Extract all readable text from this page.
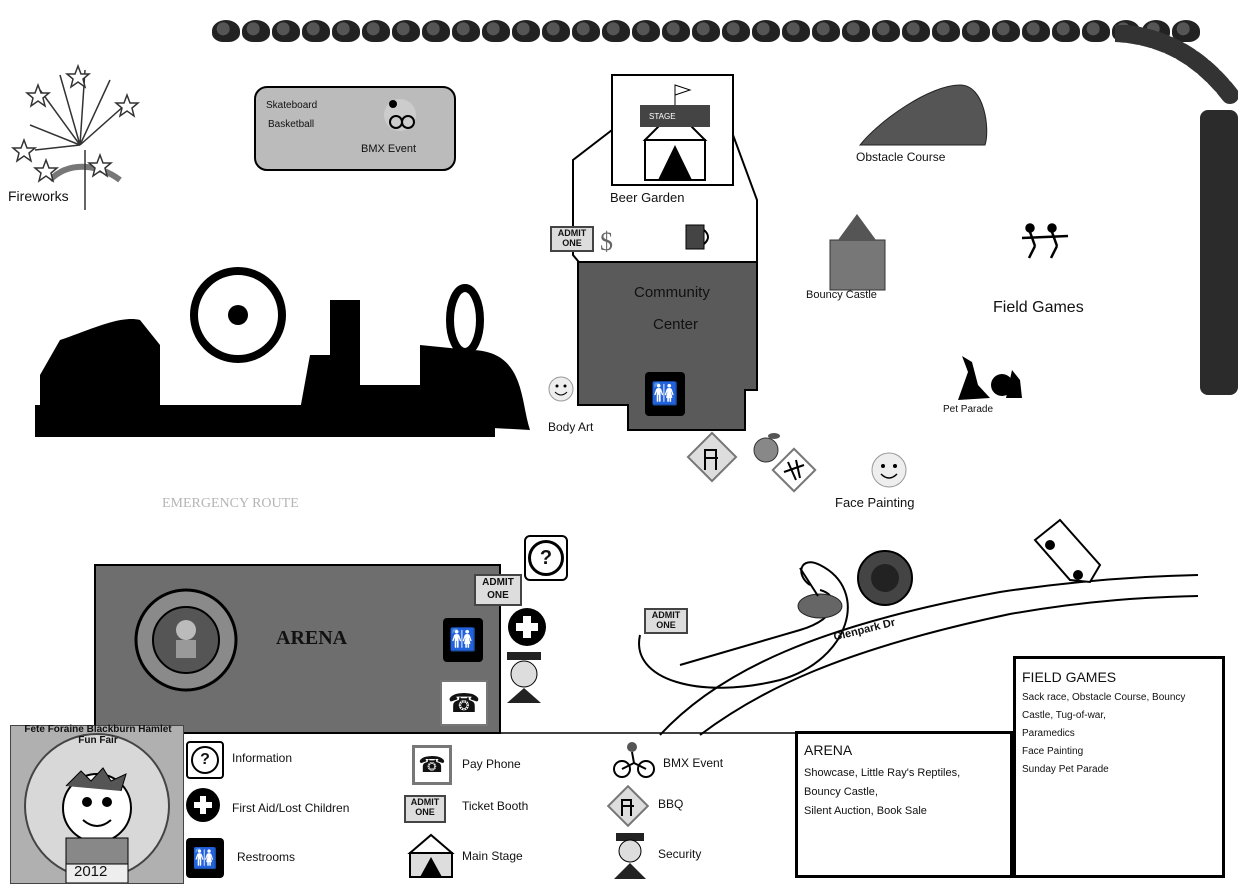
$
Fireworks
Skateboard
Basketball
BMX Event
STAGE
Beer Garden
Obstacle Course
Bouncy Castle
Field Games
Pet Parade
Body Art
Face Painting
Community
Center
EMERGENCY ROUTE
ARENA	Glenpark Dr
ADMIT
ONE
ADMIT
ONE
ADMIT
ONE
?
🚻
🚻
☎
Fete Foraine Blackburn Hamlet Fun Fair
2012
?	Information
First Aid/Lost Children
🚻	Restrooms
☎	Pay Phone
ADMIT
ONE	Ticket Booth
Main Stage
BMX Event
BBQ
Security
ARENA

Showcase, Little Ray's Reptiles,

Bouncy Castle,

Silent Auction, Book Sale

FIELD GAMES

Sack race, Obstacle Course, Bouncy

Castle, Tug-of-war,

Paramedics

Face Painting

Sunday Pet Parade
